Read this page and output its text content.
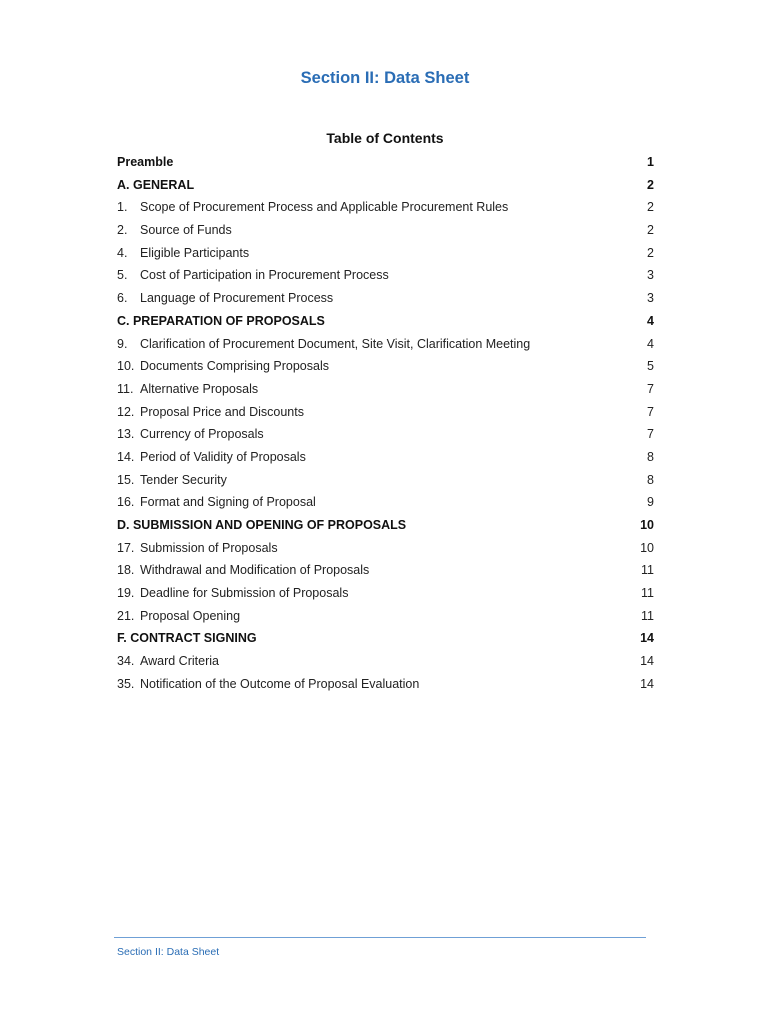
Section II: Data Sheet
Table of Contents
Preamble	1
A. GENERAL	2
1.	Scope of Procurement Process and Applicable Procurement Rules	2
2.	Source of Funds	2
4.	Eligible Participants	2
5.	Cost of Participation in Procurement Process	3
6.	Language of Procurement Process	3
C. PREPARATION OF PROPOSALS	4
9.	Clarification of Procurement Document, Site Visit, Clarification Meeting	4
10. Documents Comprising Proposals	5
11. Alternative Proposals	7
12. Proposal Price and Discounts	7
13. Currency of Proposals	7
14. Period of Validity of Proposals	8
15. Tender Security	8
16. Format and Signing of Proposal	9
D. SUBMISSION AND OPENING OF PROPOSALS	10
17. Submission of Proposals	10
18. Withdrawal and Modification of Proposals	11
19. Deadline for Submission of Proposals	11
21. Proposal Opening	11
F. CONTRACT SIGNING	14
34. Award Criteria	14
35. Notification of the Outcome of Proposal Evaluation	14
Section II: Data Sheet
